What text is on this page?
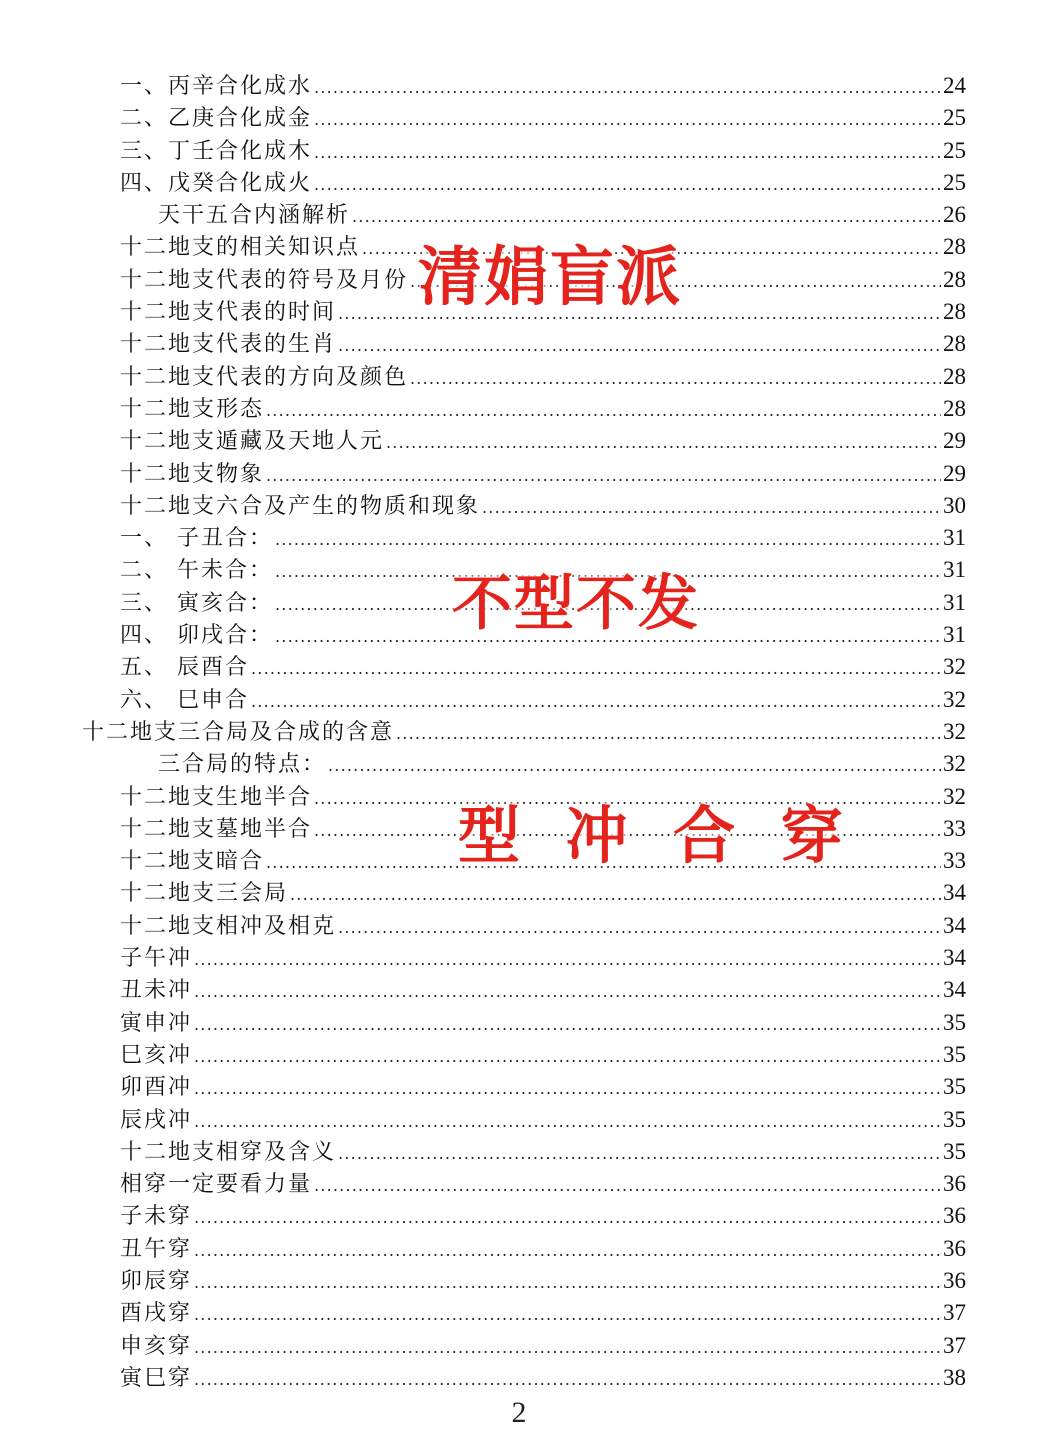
一、丙辛合化成水 .....	24
二、乙庚合化成金 .....	25
三、丁壬合化成木 .....	25
四、戊癸合化成火 .....	25
天干五合内涵解析 .....	26
十二地支的相关知识点 .....	28
十二地支代表的符号及月份 .....	28
十二地支代表的时间 .....	28
十二地支代表的生肖 .....	28
十二地支代表的方向及颜色 .....	28
十二地支形态 .....	28
十二地支遁藏及天地人元 .....	29
十二地支物象 .....	29
十二地支六合及产生的物质和现象 .....	30
一、 子丑合： .....	31
二、 午未合： .....	31
三、 寅亥合： .....	31
四、 卯戌合： .....	31
五、 辰酉合 .....	32
六、 巳申合 .....	32
十二地支三合局及合成的含意 .....	32
三合局的特点： .....	32
十二地支生地半合 .....	32
十二地支墓地半合 .....	33
十二地支暗合 .....	33
十二地支三会局 .....	34
十二地支相冲及相克 .....	34
子午冲 .....	34
丑未冲 .....	34
寅申冲 .....	35
巳亥冲 .....	35
卯酉冲 .....	35
辰戌冲 .....	35
十二地支相穿及含义 .....	35
相穿一定要看力量 .....	36
子未穿 .....	36
丑午穿 .....	36
卯辰穿 .....	36
酉戌穿 .....	37
申亥穿 .....	37
寅巳穿 .....	38
清娟盲派
不型不发
型 冲 合 穿
2
